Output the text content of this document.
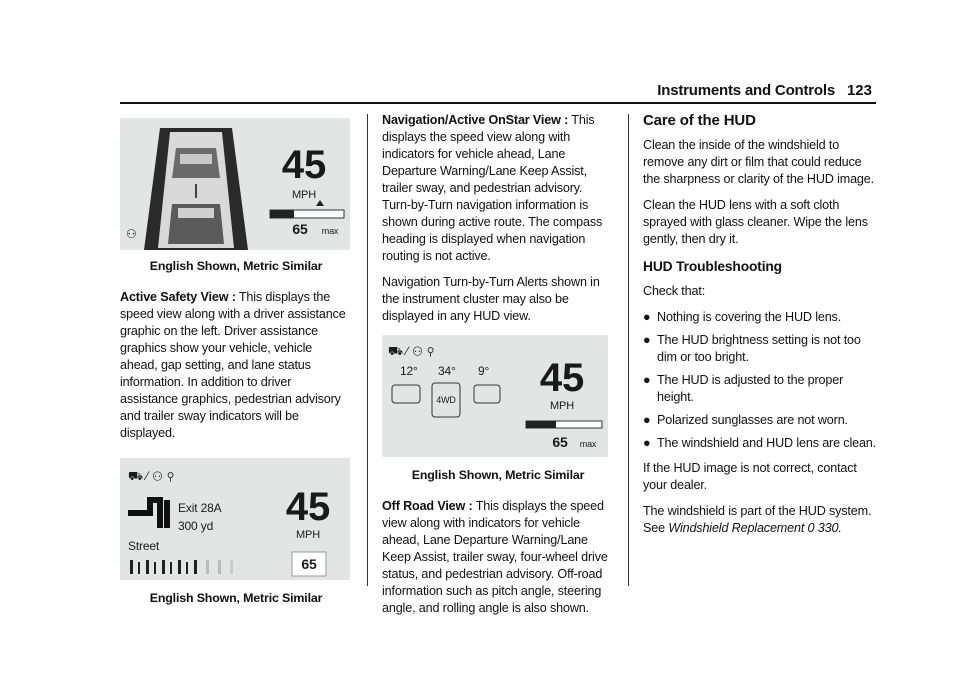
Instruments and Controls 123
⚇
45
MPH
65 max

English Shown, Metric Similar

Active Safety View : This displays the speed view along with a driver assistance graphic on the left. Driver assistance graphics show your vehicle, vehicle ahead, gap setting, and lane status information. In addition to driver assistance graphics, pedestrian advisory and trailer sway indicators will be displayed.

⛟ ⁄ ⚇ ⚲
Exit 28A
300 yd
Street
45
MPH
65

English Shown, Metric Similar

Navigation/Active OnStar View : This displays the speed view along with indicators for vehicle ahead, Lane Departure Warning/Lane Keep Assist, trailer sway, and pedestrian advisory. Turn-by-Turn navigation information is shown during active route. The compass heading is displayed when navigation routing is not active.

Navigation Turn-by-Turn Alerts shown in the instrument cluster may also be displayed in any HUD view.

⛟ ⁄ ⚇ ⚲
12° 34° 9°
4WD 45
MPH
65 max

English Shown, Metric Similar

Off Road View : This displays the speed view along with indicators for vehicle ahead, Lane Departure Warning/Lane Keep Assist, trailer sway, four-wheel drive status, and pedestrian advisory. Off-road information such as pitch angle, steering angle, and rolling angle is also shown.

Care of the HUD

Clean the inside of the windshield to remove any dirt or film that could reduce the sharpness or clarity of the HUD image.

Clean the HUD lens with a soft cloth sprayed with glass cleaner. Wipe the lens gently, then dry it.

HUD Troubleshooting

Check that:

● Nothing is covering the HUD lens.
● The HUD brightness setting is not too dim or too bright.
● The HUD is adjusted to the proper height.
● Polarized sunglasses are not worn.
● The windshield and HUD lens are clean.

If the HUD image is not correct, contact your dealer.

The windshield is part of the HUD system. See Windshield Replacement 0 330.
